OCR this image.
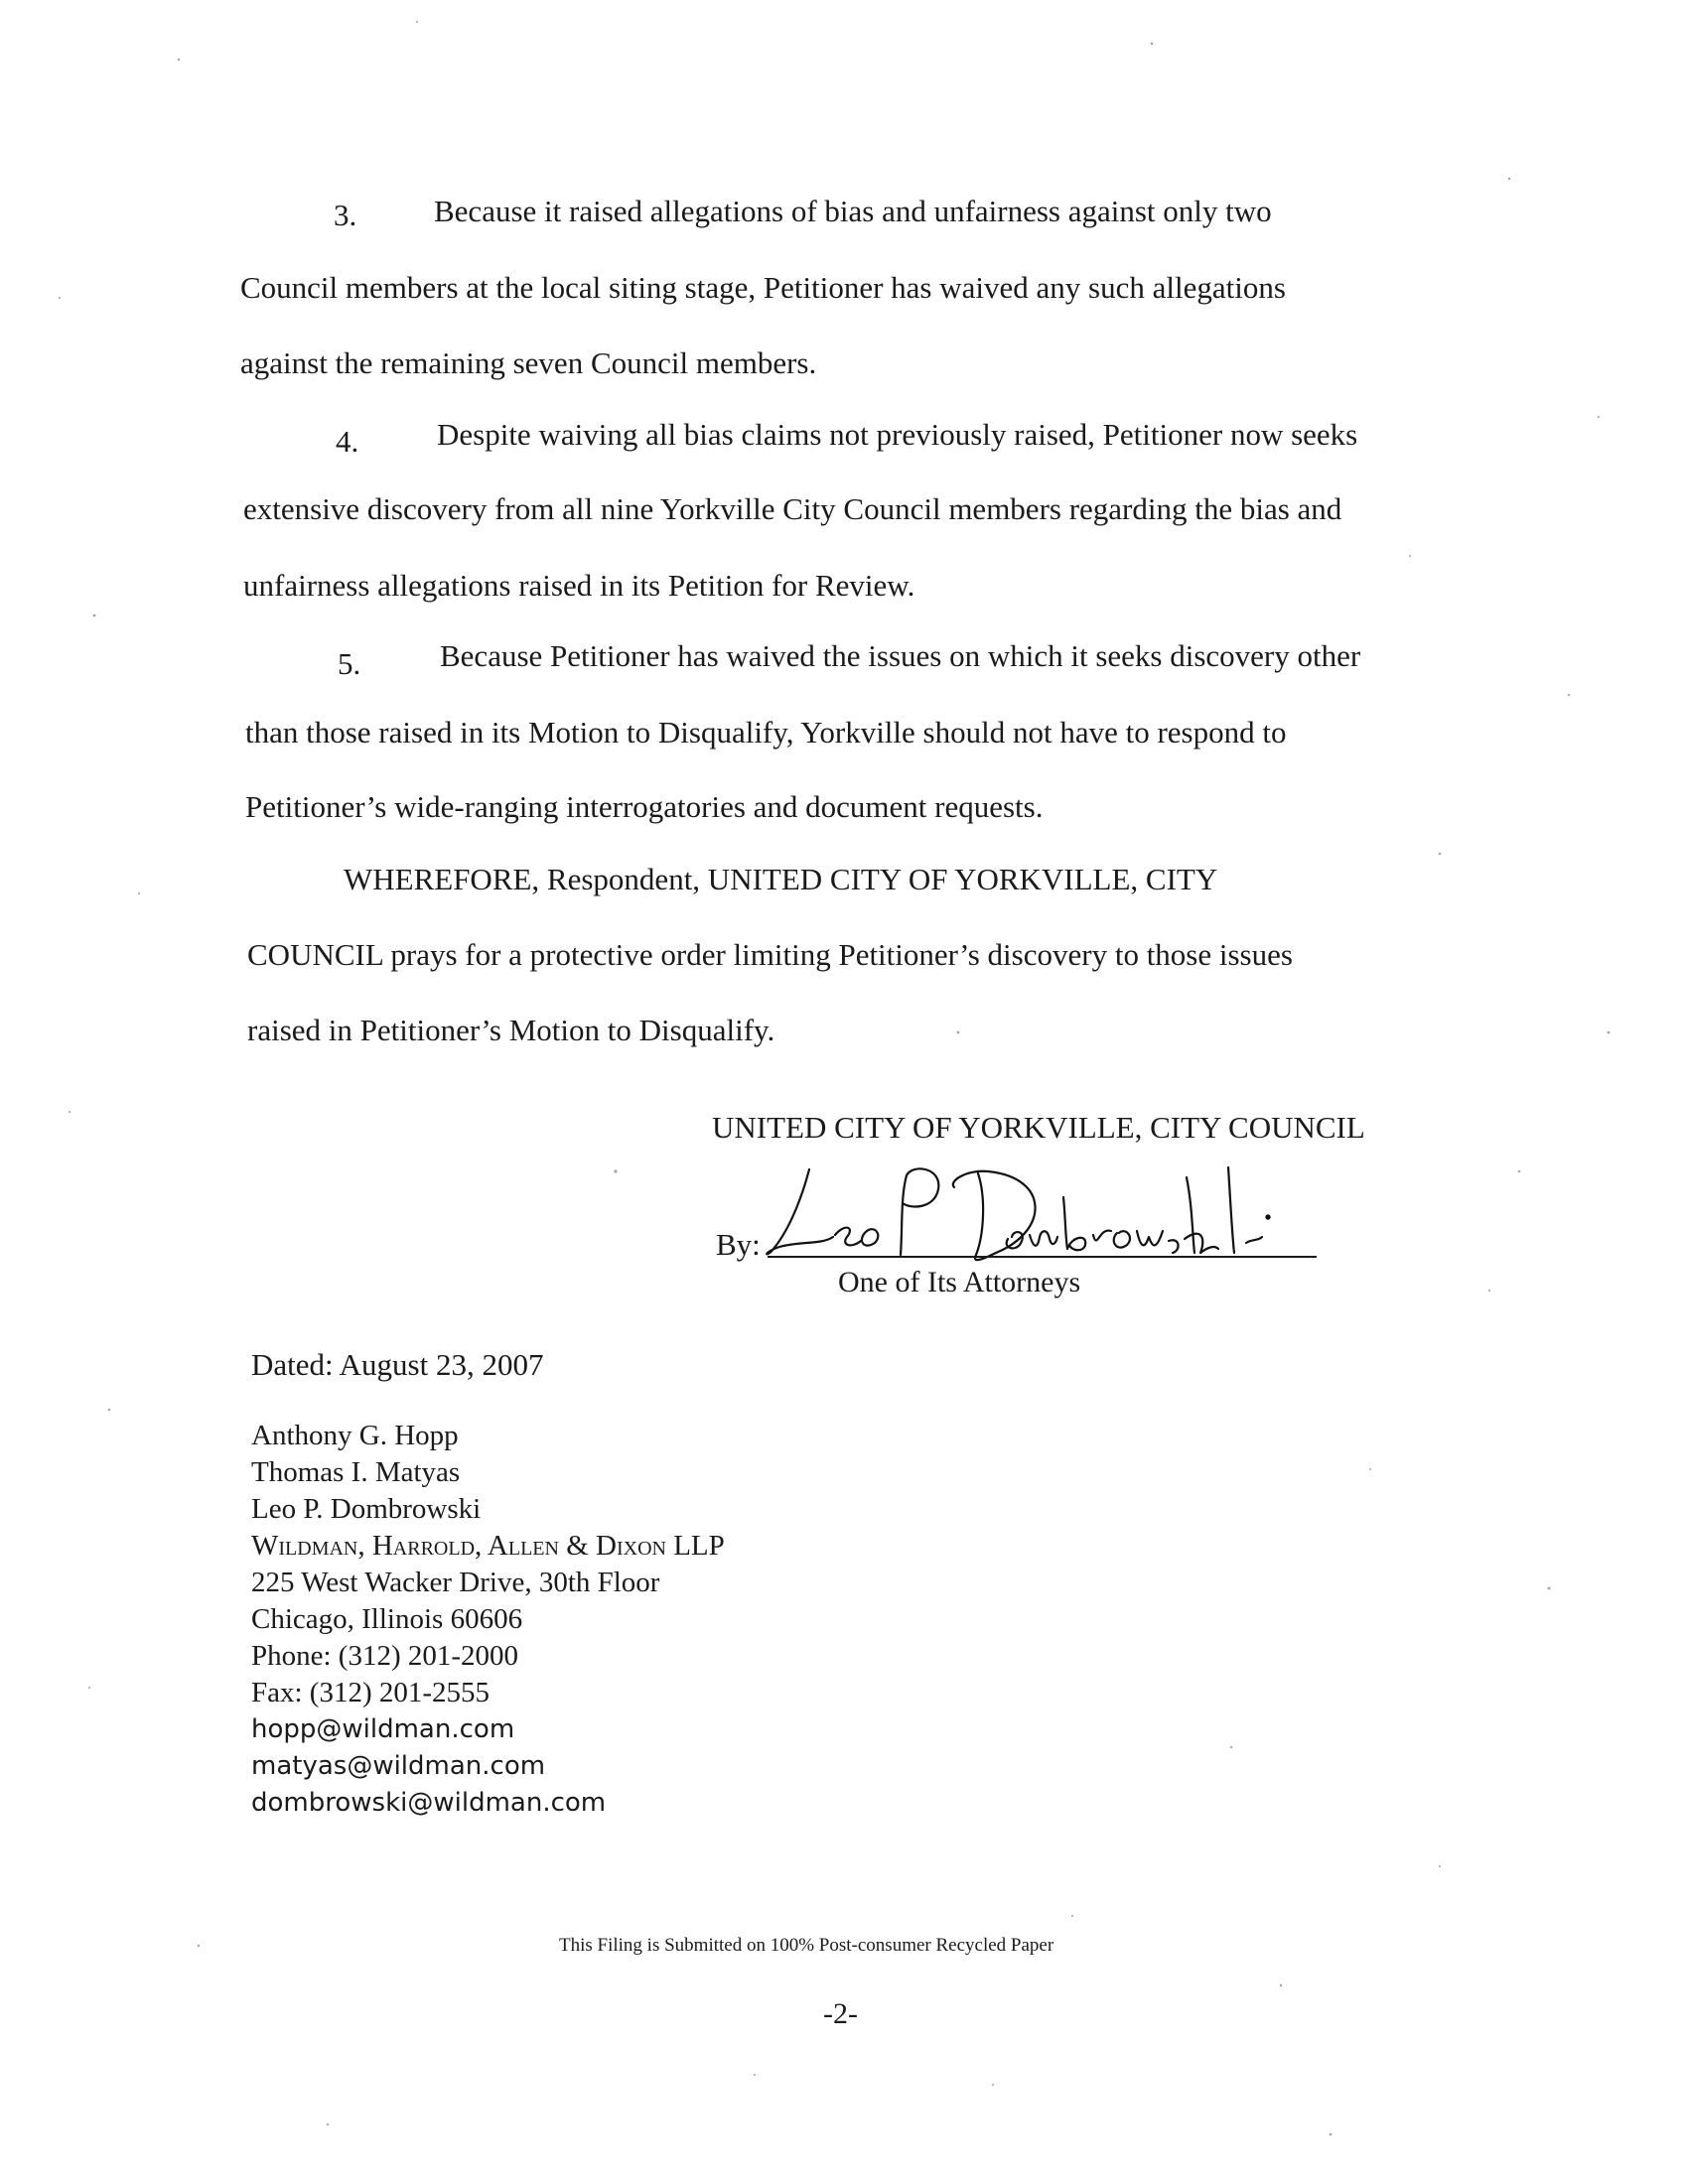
3.	Because it raised allegations of bias and unfairness against only two
Council members at the local siting stage, Petitioner has waived any such allegations
against the remaining seven Council members.
4.	Despite waiving all bias claims not previously raised, Petitioner now seeks
extensive discovery from all nine Yorkville City Council members regarding the bias and
unfairness allegations raised in its Petition for Review.
5.	Because Petitioner has waived the issues on which it seeks discovery other
than those raised in its Motion to Disqualify, Yorkville should not have to respond to
Petitioner’s wide-ranging interrogatories and document requests.
WHEREFORE, Respondent, UNITED CITY OF YORKVILLE, CITY
COUNCIL prays for a protective order limiting Petitioner’s discovery to those issues
raised in Petitioner’s Motion to Disqualify.
UNITED CITY OF YORKVILLE, CITY COUNCIL
By:
One of Its Attorneys
Dated: August 23, 2007
Anthony G. Hopp
Thomas I. Matyas
Leo P. Dombrowski
Wildman, Harrold, Allen & Dixon LLP
225 West Wacker Drive, 30th Floor
Chicago, Illinois 60606
Phone: (312) 201-2000
Fax: (312) 201-2555
hopp@wildman.com
matyas@wildman.com
dombrowski@wildman.com
This Filing is Submitted on 100% Post-consumer Recycled Paper
-2-
